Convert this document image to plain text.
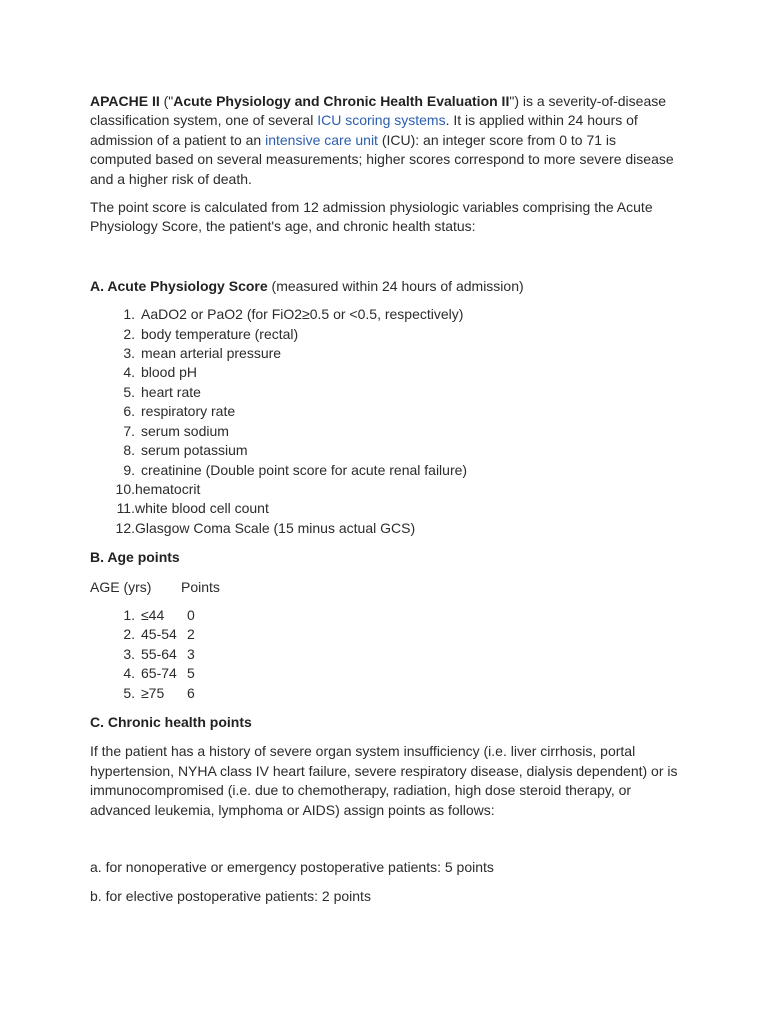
APACHE II ("Acute Physiology and Chronic Health Evaluation II") is a severity-of-disease classification system, one of several ICU scoring systems. It is applied within 24 hours of admission of a patient to an intensive care unit (ICU): an integer score from 0 to 71 is computed based on several measurements; higher scores correspond to more severe disease and a higher risk of death.

The point score is calculated from 12 admission physiologic variables comprising the Acute Physiology Score, the patient's age, and chronic health status:

A. Acute Physiology Score (measured within 24 hours of admission)

1. AaDO2 or PaO2 (for FiO2≥0.5 or <0.5, respectively)
2. body temperature (rectal)
3. mean arterial pressure
4. blood pH
5. heart rate
6. respiratory rate
7. serum sodium
8. serum potassium
9. creatinine (Double point score for acute renal failure)
10. hematocrit
11. white blood cell count
12. Glasgow Coma Scale (15 minus actual GCS)

B. Age points

AGE (yrs)	Points
1. ≤44	0
2. 45-54 2
3. 55-64 3
4. 65-74 5
5. ≥75	6

C. Chronic health points

If the patient has a history of severe organ system insufficiency (i.e. liver cirrhosis, portal hypertension, NYHA class IV heart failure, severe respiratory disease, dialysis dependent) or is immunocompromised (i.e. due to chemotherapy, radiation, high dose steroid therapy, or advanced leukemia, lymphoma or AIDS) assign points as follows:

a. for nonoperative or emergency postoperative patients: 5 points

b. for elective postoperative patients: 2 points
